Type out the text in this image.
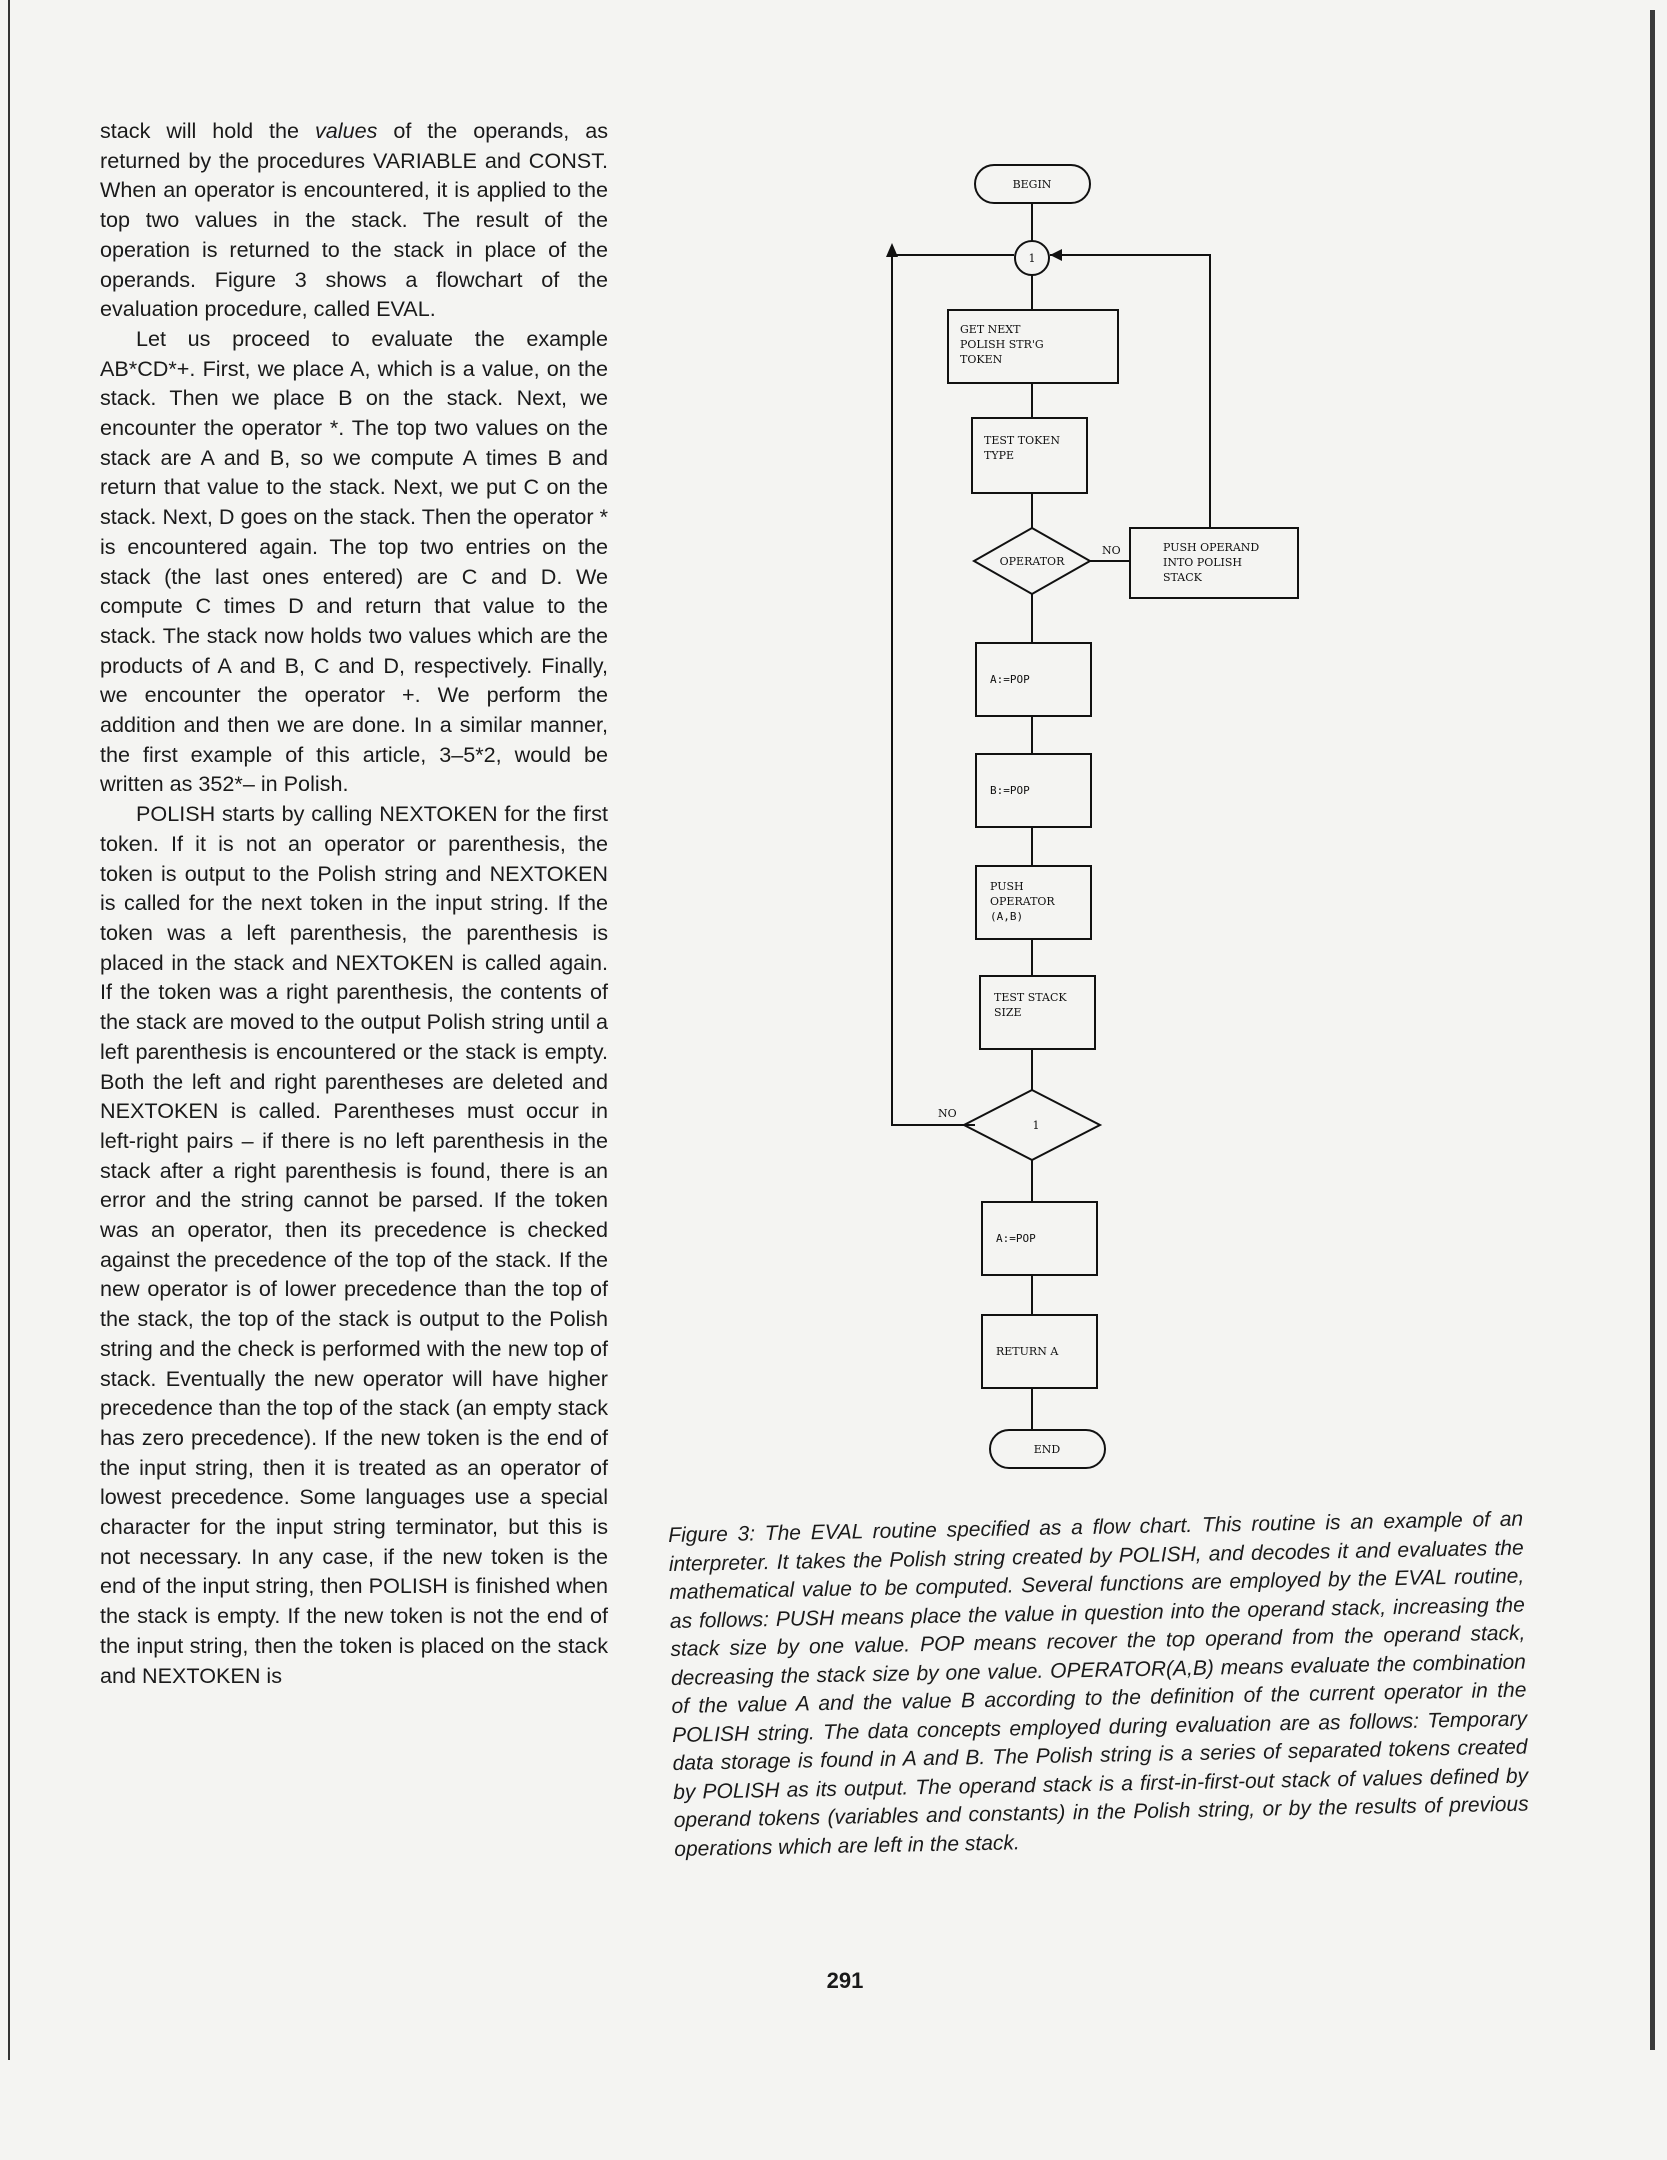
stack will hold the values of the operands, as returned by the procedures VARIABLE and CONST. When an operator is encountered, it is applied to the top two values in the stack. The result of the operation is returned to the stack in place of the operands. Figure 3 shows a flowchart of the evaluation procedure, called EVAL.

Let us proceed to evaluate the example AB*CD*+. First, we place A, which is a value, on the stack. Then we place B on the stack. Next, we encounter the operator *. The top two values on the stack are A and B, so we compute A times B and return that value to the stack. Next, we put C on the stack. Next, D goes on the stack. Then the operator * is encountered again. The top two entries on the stack (the last ones entered) are C and D. We compute C times D and return that value to the stack. The stack now holds two values which are the products of A and B, C and D, respectively. Finally, we encounter the operator +. We perform the addition and then we are done. In a similar manner, the first example of this article, 3–5*2, would be written as 352*– in Polish.

POLISH starts by calling NEXTOKEN for the first token. If it is not an operator or parenthesis, the token is output to the Polish string and NEXTOKEN is called for the next token in the input string. If the token was a left parenthesis, the parenthesis is placed in the stack and NEXTOKEN is called again. If the token was a right parenthesis, the contents of the stack are moved to the output Polish string until a left parenthesis is encountered or the stack is empty. Both the left and right parentheses are deleted and NEXTOKEN is called. Parentheses must occur in left-right pairs – if there is no left parenthesis in the stack after a right parenthesis is found, there is an error and the string cannot be parsed. If the token was an operator, then its precedence is checked against the precedence of the top of the stack. If the new operator is of lower precedence than the top of the stack, the top of the stack is output to the Polish string and the check is performed with the new top of stack. Eventually the new operator will have higher precedence than the top of the stack (an empty stack has zero precedence). If the new token is the end of the input string, then it is treated as an operator of lowest precedence. Some languages use a special character for the input string terminator, but this is not necessary. In any case, if the new token is the end of the input string, then POLISH is finished when the stack is empty. If the new token is not the end of the input string, then the token is placed on the stack and NEXTOKEN is

BEGIN
1
GET NEXT
POLISH STR'G
TOKEN
TEST TOKEN
TYPE
OPERATOR
NO	PUSH OPERAND
INTO POLISH
STACK
A:=POP
B:=POP
PUSH
OPERATOR
(A,B)
TEST STACK
SIZE
1
NO
A:=POP
RETURN A
END

Figure 3: The EVAL routine specified as a flow chart. This routine is an example of an interpreter. It takes the Polish string created by POLISH, and decodes it and evaluates the mathematical value to be computed. Several functions are employed by the EVAL routine, as follows: PUSH means place the value in question into the operand stack, increasing the stack size by one value. POP means recover the top operand from the operand stack, decreasing the stack size by one value. OPERATOR(A,B) means evaluate the combination of the value A and the value B according to the definition of the current operator in the POLISH string. The data concepts employed during evaluation are as follows: Temporary data storage is found in A and B. The Polish string is a series of separated tokens created by POLISH as its output. The operand stack is a first-in-first-out stack of values defined by operand tokens (variables and constants) in the Polish string, or by the results of previous operations which are left in the stack.

291
